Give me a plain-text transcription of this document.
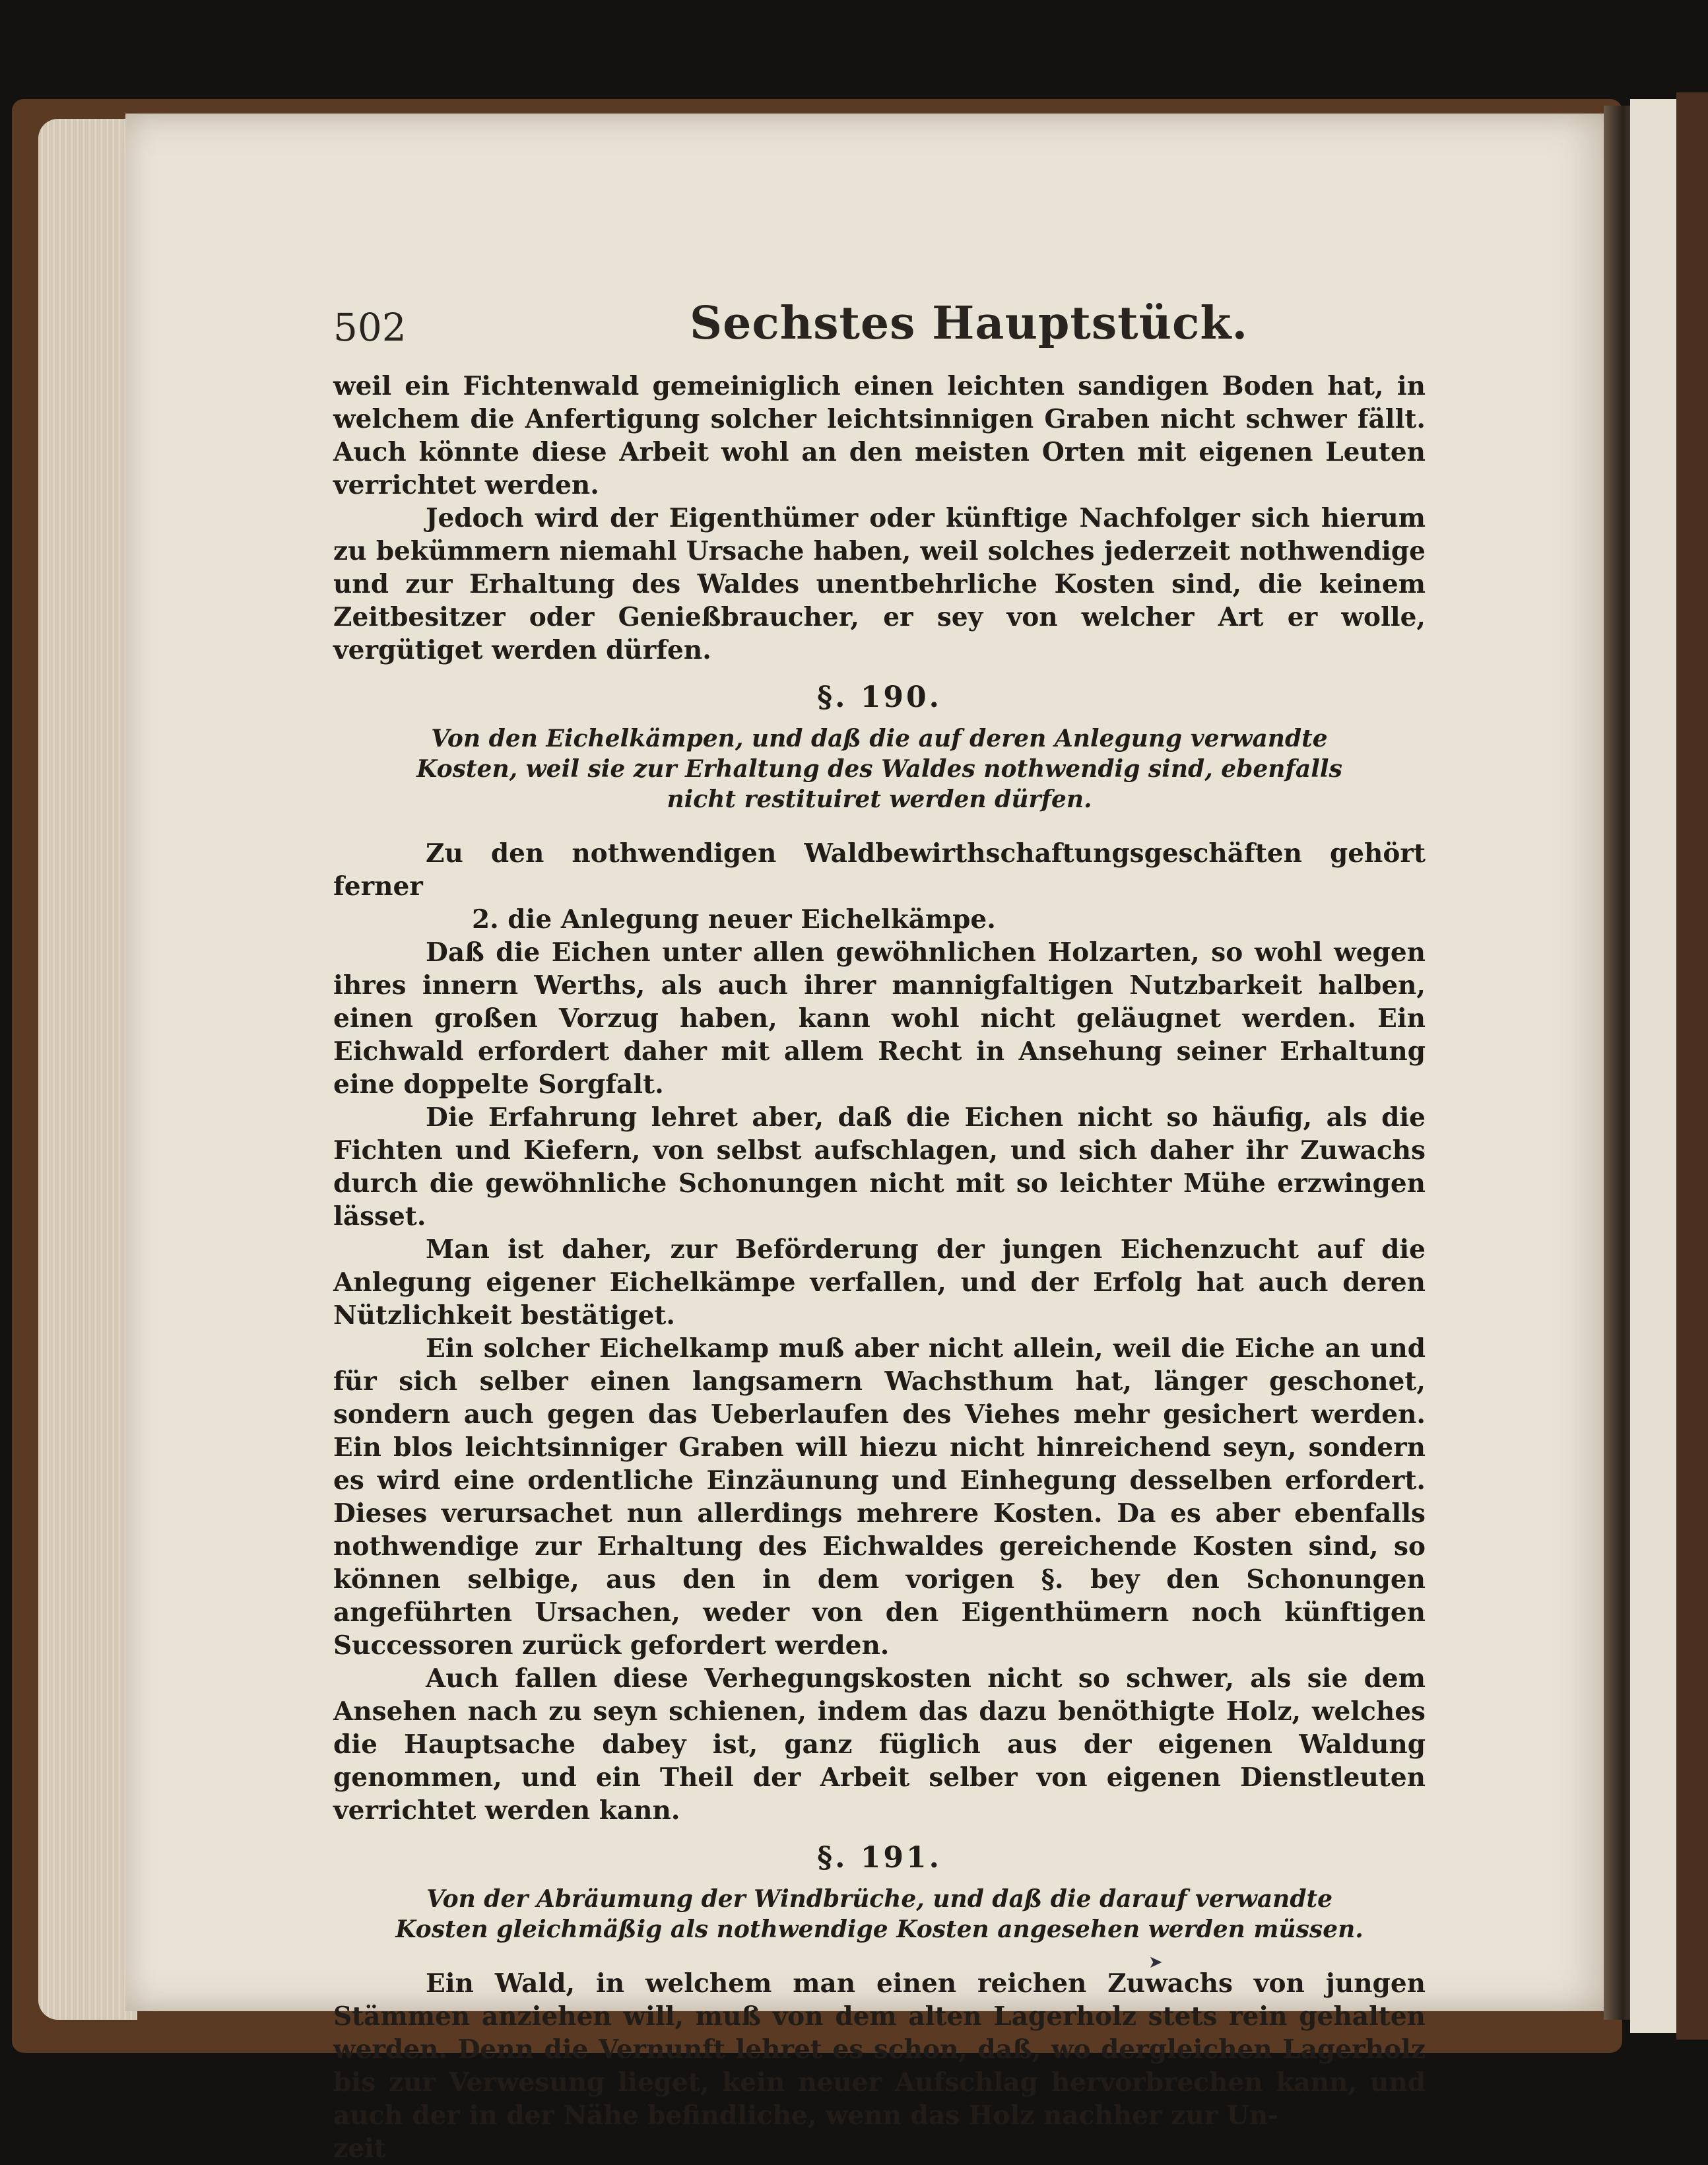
502	Sechstes Hauptstück.

weil ein Fichtenwald gemeiniglich einen leichten sandigen Boden hat, in welchem die Anfertigung solcher leichtsinnigen Graben nicht schwer fällt. Auch könnte diese Arbeit wohl an den meisten Orten mit eigenen Leuten verrichtet werden.

Jedoch wird der Eigenthümer oder künftige Nachfolger sich hierum zu bekümmern niemahl Ursache haben, weil solches jederzeit nothwendige und zur Erhaltung des Waldes unentbehrliche Kosten sind, die keinem Zeitbesitzer oder Genießbraucher, er sey von welcher Art er wolle, vergütiget werden dürfen.

§. 190.
Von den Eichelkämpen, und daß die auf deren Anlegung verwandte Kosten, weil sie zur Erhaltung des Waldes nothwendig sind, ebenfalls nicht restituiret werden dürfen.

Zu den nothwendigen Waldbewirthschaftungsgeschäften gehört ferner

2. die Anlegung neuer Eichelkämpe.

Daß die Eichen unter allen gewöhnlichen Holzarten, so wohl wegen ihres innern Werths, als auch ihrer mannigfaltigen Nutzbarkeit halben, einen großen Vorzug haben, kann wohl nicht geläugnet werden. Ein Eichwald erfordert daher mit allem Recht in Ansehung seiner Erhaltung eine doppelte Sorgfalt.

Die Erfahrung lehret aber, daß die Eichen nicht so häufig, als die Fichten und Kiefern, von selbst aufschlagen, und sich daher ihr Zuwachs durch die gewöhnliche Schonungen nicht mit so leichter Mühe erzwingen lässet.

Man ist daher, zur Beförderung der jungen Eichenzucht auf die Anlegung eigener Eichelkämpe verfallen, und der Erfolg hat auch deren Nützlichkeit bestätiget.

Ein solcher Eichelkamp muß aber nicht allein, weil die Eiche an und für sich selber einen langsamern Wachsthum hat, länger geschonet, sondern auch gegen das Ueberlaufen des Viehes mehr gesichert werden. Ein blos leichtsinniger Graben will hiezu nicht hinreichend seyn, sondern es wird eine ordentliche Einzäunung und Einhegung desselben erfordert. Dieses verursachet nun allerdings mehrere Kosten. Da es aber ebenfalls nothwendige zur Erhaltung des Eichwaldes gereichende Kosten sind, so können selbige, aus den in dem vorigen §. bey den Schonungen angeführten Ursachen, weder von den Eigenthümern noch künftigen Successoren zurück gefordert werden.

Auch fallen diese Verhegungskosten nicht so schwer, als sie dem Ansehen nach zu seyn schienen, indem das dazu benöthigte Holz, welches die Hauptsache dabey ist, ganz füglich aus der eigenen Waldung genommen, und ein Theil der Arbeit selber von eigenen Dienstleuten verrichtet werden kann.

§. 191.
Von der Abräumung der Windbrüche, und daß die darauf verwandte Kosten gleichmäßig als nothwendige Kosten angesehen werden müssen.

Ein Wald, in welchem man einen reichen Zuwachs von jungen Stämmen anziehen will, muß von dem alten Lagerholz stets rein gehalten werden. Denn die Vernunft lehret es schon, daß, wo dergleichen Lagerholz bis zur Verwesung lieget, kein neuer Aufschlag hervorbrechen kann, und auch der in der Nähe befindliche, wenn das Holz nachher zur Un-

zeit

➤
